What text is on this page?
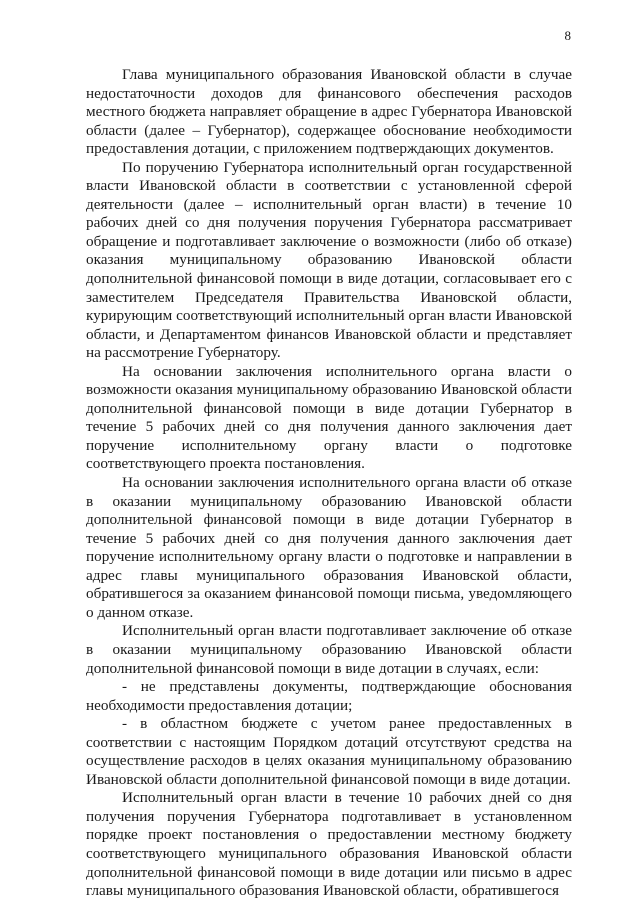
8

Глава муниципального образования Ивановской области в случае недостаточности доходов для финансового обеспечения расходов местного бюджета направляет обращение в адрес Губернатора Ивановской области (далее – Губернатор), содержащее обоснование необходимости предоставления дотации, с приложением подтверждающих документов.

По поручению Губернатора исполнительный орган государственной власти Ивановской области в соответствии с установленной сферой деятельности (далее – исполнительный орган власти) в течение 10 рабочих дней со дня получения поручения Губернатора рассматривает обращение и подготавливает заключение о возможности (либо об отказе) оказания муниципальному образованию Ивановской области дополнительной финансовой помощи в виде дотации, согласовывает его с заместителем Председателя Правительства Ивановской области, курирующим соответствующий исполнительный орган власти Ивановской области, и Департаментом финансов Ивановской области и представляет на рассмотрение Губернатору.

На основании заключения исполнительного органа власти о возможности оказания муниципальному образованию Ивановской области дополнительной финансовой помощи в виде дотации Губернатор в течение 5 рабочих дней со дня получения данного заключения дает поручение исполнительному органу власти о подготовке соответствующего проекта постановления.

На основании заключения исполнительного органа власти об отказе в оказании муниципальному образованию Ивановской области дополнительной финансовой помощи в виде дотации Губернатор в течение 5 рабочих дней со дня получения данного заключения дает поручение исполнительному органу власти о подготовке и направлении в адрес главы муниципального образования Ивановской области, обратившегося за оказанием финансовой помощи письма, уведомляющего о данном отказе.

Исполнительный орган власти подготавливает заключение об отказе в оказании муниципальному образованию Ивановской области дополнительной финансовой помощи в виде дотации в случаях, если:

- не представлены документы, подтверждающие обоснования необходимости предоставления дотации;

- в областном бюджете с учетом ранее предоставленных в соответствии с настоящим Порядком дотаций отсутствуют средства на осуществление расходов в целях оказания муниципальному образованию Ивановской области дополнительной финансовой помощи в виде дотации.

Исполнительный орган власти в течение 10 рабочих дней со дня получения поручения Губернатора подготавливает в установленном порядке проект постановления о предоставлении местному бюджету соответствующего муниципального образования Ивановской области дополнительной финансовой помощи в виде дотации или письмо в адрес главы муниципального образования Ивановской области, обратившегося
